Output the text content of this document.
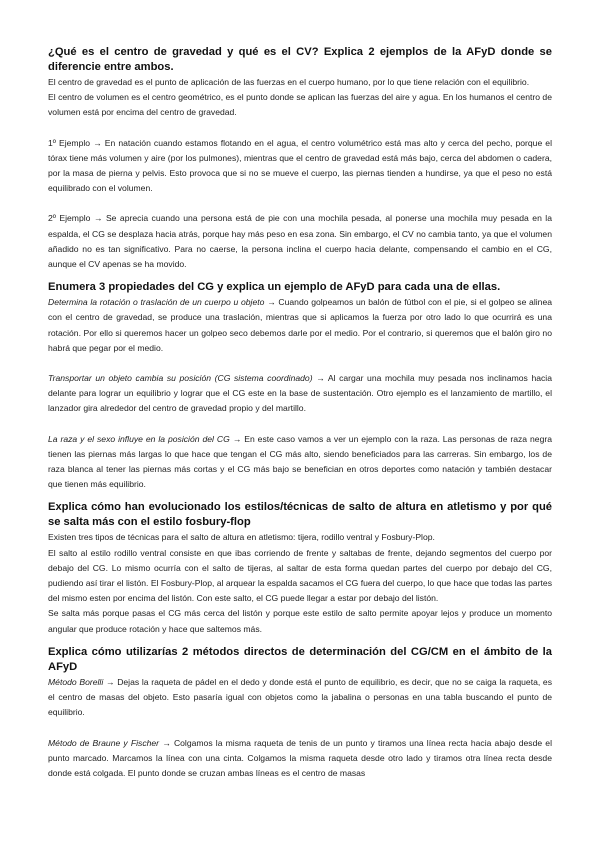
¿Qué es el centro de gravedad y qué es el CV? Explica 2 ejemplos de la AFyD donde se diferencie entre ambos.

El centro de gravedad es el punto de aplicación de las fuerzas en el cuerpo humano, por lo que tiene relación con el equilibrio.

El centro de volumen es el centro geométrico, es el punto donde se aplican las fuerzas del aire y agua. En los humanos el centro de volumen está por encima del centro de gravedad.

1º Ejemplo → En natación cuando estamos flotando en el agua, el centro volumétrico está mas alto y cerca del pecho, porque el tórax tiene más volumen y aire (por los pulmones), mientras que el centro de gravedad está más bajo, cerca del abdomen o cadera, por la masa de pierna y pelvis. Esto provoca que si no se mueve el cuerpo, las piernas tienden a hundirse, ya que el peso no está equilibrado con el volumen.

2º Ejemplo → Se aprecia cuando una persona está de pie con una mochila pesada, al ponerse una mochila muy pesada en la espalda, el CG se desplaza hacia atrás, porque hay más peso en esa zona. Sin embargo, el CV no cambia tanto, ya que el volumen añadido no es tan significativo. Para no caerse, la persona inclina el cuerpo hacia delante, compensando el cambio en el CG, aunque el CV apenas se ha movido.

Enumera 3 propiedades del CG y explica un ejemplo de AFyD para cada una de ellas.

Determina la rotación o traslación de un cuerpo u objeto → Cuando golpeamos un balón de fútbol con el pie, si el golpeo se alinea con el centro de gravedad, se produce una traslación, mientras que si aplicamos la fuerza por otro lado lo que ocurrirá es una rotación. Por ello si queremos hacer un golpeo seco debemos darle por el medio. Por el contrario, si queremos que el balón giro no habrá que pegar por el medio.

Transportar un objeto cambia su posición (CG sistema coordinado) → Al cargar una mochila muy pesada nos inclinamos hacia delante para lograr un equilibrio y lograr que el CG este en la base de sustentación. Otro ejemplo es el lanzamiento de martillo, el lanzador gira alrededor del centro de gravedad propio y del martillo.

La raza y el sexo influye en la posición del CG → En este caso vamos a ver un ejemplo con la raza. Las personas de raza negra tienen las piernas más largas lo que hace que tengan el CG más alto, siendo beneficiados para las carreras. Sin embargo, los de raza blanca al tener las piernas más cortas y el CG más bajo se benefician en otros deportes como natación y también destacar que tienen más equilibrio.

Explica cómo han evolucionado los estilos/técnicas de salto de altura en atletismo y por qué se salta más con el estilo fosbury-flop

Existen tres tipos de técnicas para el salto de altura en atletismo: tijera, rodillo ventral y Fosbury-Plop.

El salto al estilo rodillo ventral consiste en que ibas corriendo de frente y saltabas de frente, dejando segmentos del cuerpo por debajo del CG. Lo mismo ocurría con el salto de tijeras, al saltar de esta forma quedan partes del cuerpo por debajo del CG, pudiendo así tirar el listón. El Fosbury-Plop, al arquear la espalda sacamos el CG fuera del cuerpo, lo que hace que todas las partes del mismo esten por encima del listón. Con este salto, el CG puede llegar a estar por debajo del listón.

Se salta más porque pasas el CG más cerca del listón y porque este estilo de salto permite apoyar lejos y produce un momento angular que produce rotación y hace que saltemos más.

Explica cómo utilizarías 2 métodos directos de determinación del CG/CM en el ámbito de la AFyD

Método Borelli → Dejas la raqueta de pádel en el dedo y donde está el punto de equilibrio, es decir, que no se caiga la raqueta, es el centro de masas del objeto. Esto pasaría igual con objetos como la jabalina o personas en una tabla buscando el punto de equilibrio.

Método de Braune y Fischer → Colgamos la misma raqueta de tenis de un punto y tiramos una línea recta hacia abajo desde el punto marcado. Marcamos la línea con una cinta. Colgamos la misma raqueta desde otro lado y tiramos otra línea recta desde donde está colgada. El punto donde se cruzan ambas líneas es el centro de masas
